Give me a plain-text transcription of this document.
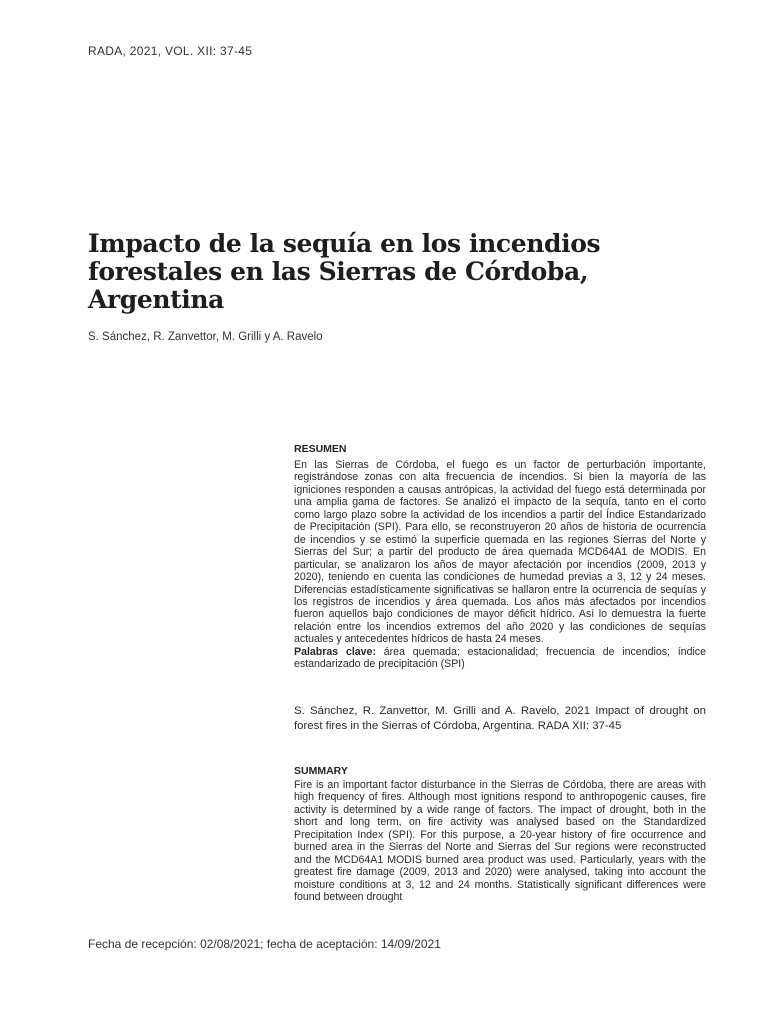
RADA, 2021, VOL. XII: 37-45
Impacto de la sequía en los incendios forestales en las Sierras de Córdoba, Argentina
S. Sánchez, R. Zanvettor, M. Grilli y A. Ravelo
RESUMEN

En las Sierras de Córdoba, el fuego es un factor de perturbación importante, registrándose zonas con alta frecuencia de incendios. Si bien la mayoría de las igniciones responden a causas antrópicas, la actividad del fuego está determinada por una amplia gama de factores. Se analizó el impacto de la sequía, tanto en el corto como largo plazo sobre la actividad de los incendios a partir del Índice Estandarizado de Precipitación (SPI). Para ello, se reconstruyeron 20 años de historia de ocurrencia de incendios y se estimó la superficie quemada en las regiones Sierras del Norte y Sierras del Sur; a partir del producto de área quemada MCD64A1 de MODIS. En particular, se analizaron los años de mayor afectación por incendios (2009, 2013 y 2020), teniendo en cuenta las condiciones de humedad previas a 3, 12 y 24 meses. Diferencias estadísticamente significativas se hallaron entre la ocurrencia de sequías y los registros de incendios y área quemada. Los años más afectados por incendios fueron aquellos bajo condiciones de mayor déficit hídrico. Así lo demuestra la fuerte relación entre los incendios extremos del año 2020 y las condiciones de sequías actuales y antecedentes hídricos de hasta 24 meses.

Palabras clave: área quemada; estacionalidad; frecuencia de incendios; índice estandarizado de precipitación (SPI)

S. Sánchez, R. Zanvettor, M. Grilli and A. Ravelo, 2021 Impact of drought on forest fires in the Sierras of Córdoba, Argentina. RADA XII: 37-45

SUMMARY

Fire is an important factor disturbance in the Sierras de Córdoba, there are areas with high frequency of fires. Although most ignitions respond to anthropogenic causes, fire activity is determined by a wide range of factors. The impact of drought, both in the short and long term, on fire activity was analysed based on the Standardized Precipitation Index (SPI). For this purpose, a 20-year history of fire occurrence and burned area in the Sierras del Norte and Sierras del Sur regions were reconstructed and the MCD64A1 MODIS burned area product was used. Particularly, years with the greatest fire damage (2009, 2013 and 2020) were analysed, taking into account the moisture conditions at 3, 12 and 24 months. Statistically significant differences were found between drought

Fecha de recepción: 02/08/2021; fecha de aceptación: 14/09/2021
